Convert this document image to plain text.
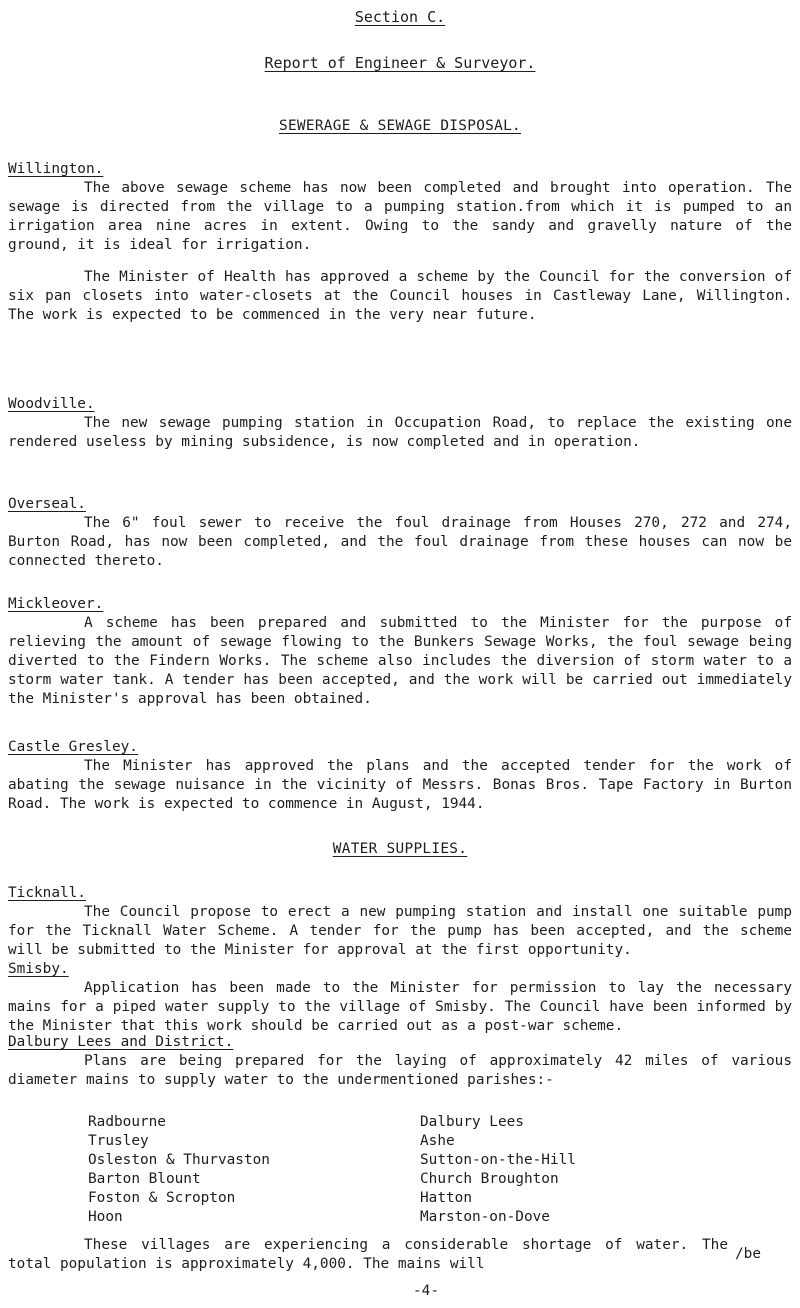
Section C.
Report of Engineer & Surveyor.
SEWERAGE & SEWAGE DISPOSAL.

Willington.

The above sewage scheme has now been completed and brought into operation. The sewage is directed from the village to a pumping station.from which it is pumped to an irrigation area nine acres in extent. Owing to the sandy and gravelly nature of the ground, it is ideal for irrigation.

The Minister of Health has approved a scheme by the Council for the conversion of six pan closets into water-closets at the Council houses in Castleway Lane, Willington. The work is expected to be commenced in the very near future.

Woodville.

The new sewage pumping station in Occupation Road, to replace the existing one rendered useless by mining subsidence, is now completed and in operation.

Overseal.

The 6" foul sewer to receive the foul drainage from Houses 270, 272 and 274, Burton Road, has now been completed, and the foul drainage from these houses can now be connected thereto.

Mickleover.

A scheme has been prepared and submitted to the Minister for the purpose of relieving the amount of sewage flowing to the Bunkers Sewage Works, the foul sewage being diverted to the Findern Works. The scheme also includes the diversion of storm water to a storm water tank. A tender has been accepted, and the work will be carried out immediately the Minister's approval has been obtained.

Castle Gresley.

The Minister has approved the plans and the accepted tender for the work of abating the sewage nuisance in the vicinity of Messrs. Bonas Bros. Tape Factory in Burton Road. The work is expected to commence in August, 1944.

WATER SUPPLIES.

Ticknall.

The Council propose to erect a new pumping station and install one suitable pump for the Ticknall Water Scheme. A tender for the pump has been accepted, and the scheme will be submitted to the Minister for approval at the first opportunity.

Smisby.

Application has been made to the Minister for permission to lay the necessary mains for a piped water supply to the village of Smisby. The Council have been informed by the Minister that this work should be carried out as a post-war scheme.

Dalbury Lees and District.

Plans are being prepared for the laying of approximately 42 miles of various diameter mains to supply water to the undermentioned parishes:-

Radbourne	Dalbury Lees
Trusley	Ashe
Osleston & Thurvaston	Sutton-on-the-Hill
Barton Blount	Church Broughton
Foston & Scropton	Hatton
Hoon	Marston-on-Dove

These villages are experiencing a considerable shortage of water. The total population is approximately 4,000. The mains will

/be
-4-
